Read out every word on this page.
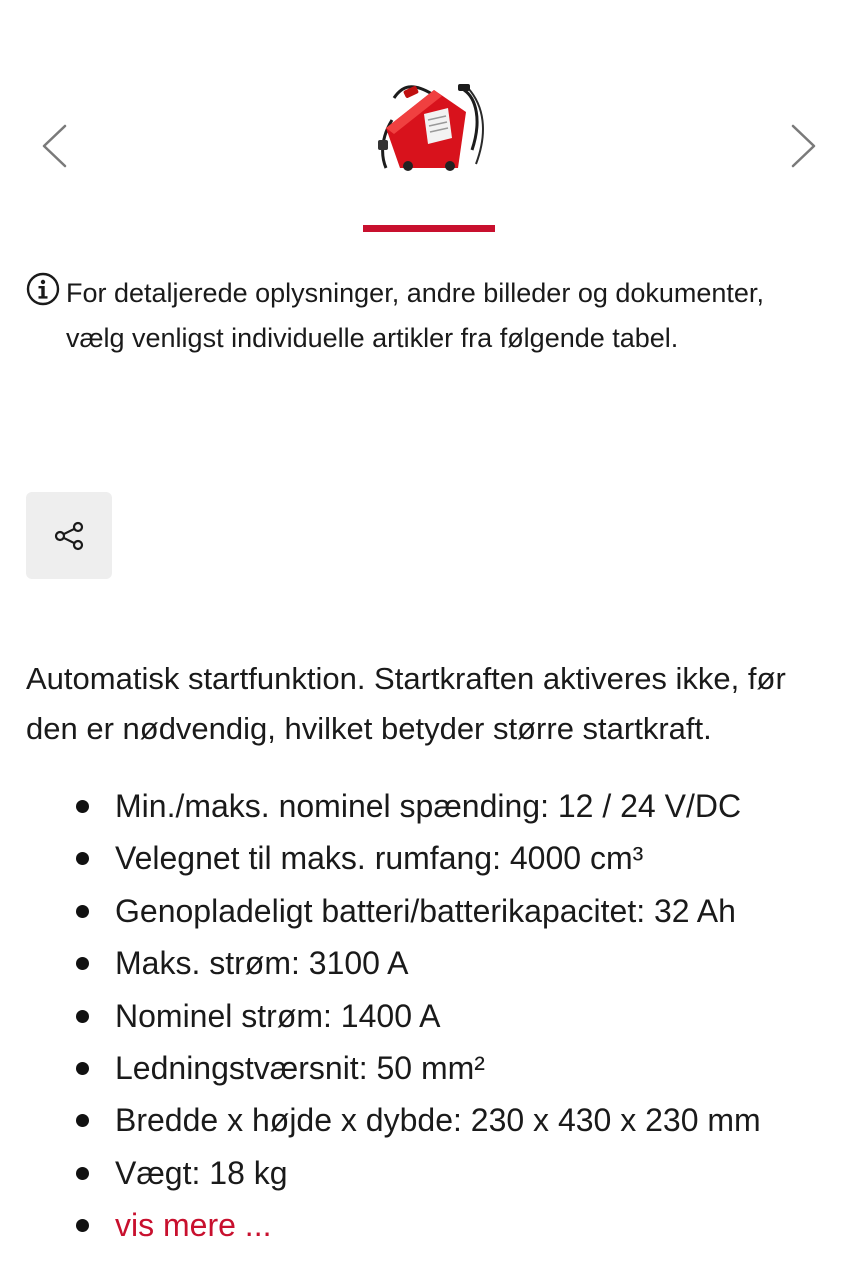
For detaljerede oplysninger, andre billeder og dokumenter,
vælg venligst individuelle artikler fra følgende tabel.
Automatisk startfunktion. Startkraften aktiveres ikke, før
den er nødvendig, hvilket betyder større startkraft.
Min./maks. nominel spænding: 12 / 24 V/DC
Velegnet til maks. rumfang: 4000 cm³
Genopladeligt batteri/batterikapacitet: 32 Ah
Maks. strøm: 3100 A
Nominel strøm: 1400 A
Ledningstværsnit: 50 mm²
Bredde x højde x dybde: 230 x 430 x 230 mm
Vægt: 18 kg
vis mere ...
